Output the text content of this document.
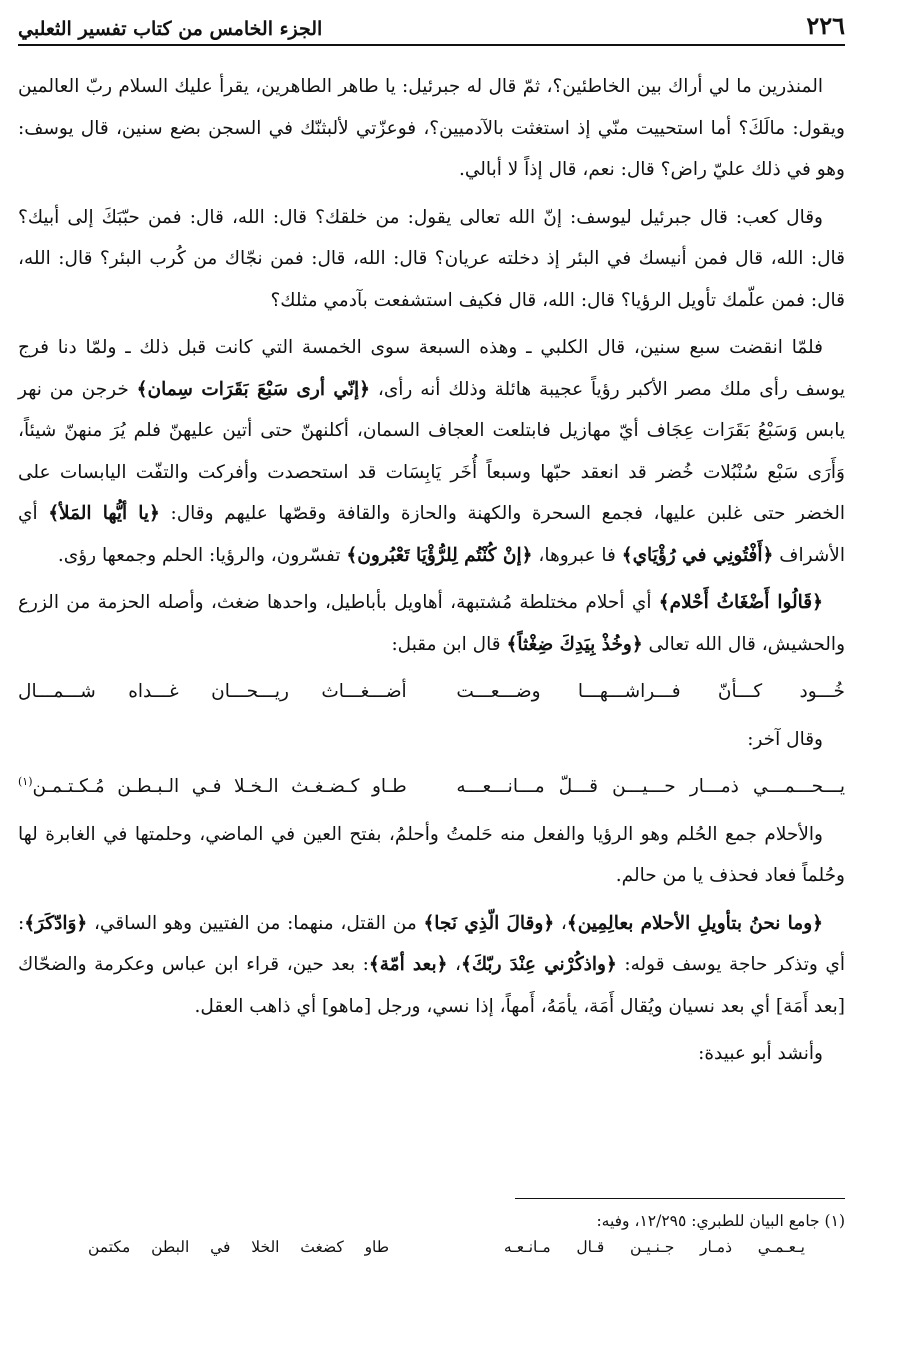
٢٢٦
الجزء الخامس من كتاب تفسير الثعلبي

المنذرين ما لي أراك بين الخاطئين؟، ثمّ قال له جبرئيل: يا طاهر الطاهرين، يقرأ عليك السلام ربّ العالمين ويقول: مالَكَ؟ أما استحييت منّي إذ استغثت بالآدميين؟، فوعزّتي لألبثنّك في السجن بضع سنين، قال يوسف: وهو في ذلك عليّ راض؟ قال: نعم، قال إذاً لا أبالي.

وقال كعب: قال جبرئيل ليوسف: إنّ الله تعالى يقول: من خلقك؟ قال: الله، قال: فمن حبّبَكَ إلى أبيك؟ قال: الله، قال فمن أنيسك في البئر إذ دخلته عريان؟ قال: الله، قال: فمن نجّاك من كُرب البئر؟ قال: الله، قال: فمن علّمك تأويل الرؤيا؟ قال: الله، قال فكيف استشفعت بآدمي مثلك؟

فلمّا انقضت سبع سنين، قال الكلبي ـ وهذه السبعة سوى الخمسة التي كانت قبل ذلك ـ ولمّا دنا فرج يوسف رأى ملك مصر الأكبر رؤياً عجيبة هائلة وذلك أنه رأى، ﴿إنّي أرى سَبْعَ بَقَرَات سِمان﴾ خرجن من نهر يابس وَسَبْعُ بَقَرَات عِجَاف أيّ مهازيل فابتلعت العجاف السمان، أكلنهنّ حتى أتين عليهنّ فلم يُرَ منهنّ شيئاً، وَأَرَى سَبْع سُنْبُلات خُضر قد انعقد حبّها وسبعاً أُخَر يَابِسَات قد استحصدت وأفركت والتفّت اليابسات على الخضر حتى غلبن عليها، فجمع السحرة والكهنة والحازة والقافة وقصّها عليهم وقال: ﴿يا أيُّها المَلأ﴾ أي الأشراف ﴿أَفْتُونِي في رُؤْيَاي﴾ فا عبروها، ﴿إنْ كُنْتُم لِلرُّؤْيَا تَعْبُرون﴾ تفسّرون، والرؤيا: الحلم وجمعها رؤى.

﴿قَالُوا أَضْغَاثُ أَحْلام﴾ أي أحلام مختلطة مُشتبهة، أهاويل بأباطيل، واحدها ضغث، وأصله الحزمة من الزرع والحشيش، قال الله تعالى ﴿وخُذْ بِيَدِكَ ضِغْثاً﴾ قال ابن مقبل:

خُـــود كـــأنّ فـــراشـــهـــا وضـــعـــت
أضـــغـــاث ريـــحـــان غـــداه شـــمـــال

وقال آخر:

يـــحـــمـــي ذمـــار حـــيـــن قـــلّ مـــانـــعـــه
طـاو كـضـغـث الـخـلا فـي الـبـطـن مُـكـتـمـن$^{(١)}$

والأحلام جمع الحُلم وهو الرؤيا والفعل منه حَلمتُ وأحلمُ، بفتح العين في الماضي، وحلمتها في الغابرة لها وحُلماً فعاد فحذف يا من حالم.

﴿وما نحنُ بتأويلِ الأحلام بعالِمِين﴾، ﴿وقالَ الّذِي نَجا﴾ من القتل، منهما: من الفتيين وهو الساقي، ﴿وَادّكَرَ﴾: أي وتذكر حاجة يوسف قوله: ﴿واذكُرْني عِنْدَ ربّكَ﴾، ﴿بعد أمّة﴾: بعد حين، قراء ابن عباس وعكرمة والضحّاك [بعد أَمَة] أي بعد نسيان ويُقال أَمَة، يأمَهُ، أَمهاً، إذا نسي، ورجل [ماهو] أي ذاهب العقل.

وأنشد أبو عبيدة:

(١) جامع البيان للطبري: ١٢/٢٩٥، وفيه:
يـعـمـي ذمـار جـنـيـن قـال مـانـعـه
طاو كضغث الخلا في البطن مكتمن
